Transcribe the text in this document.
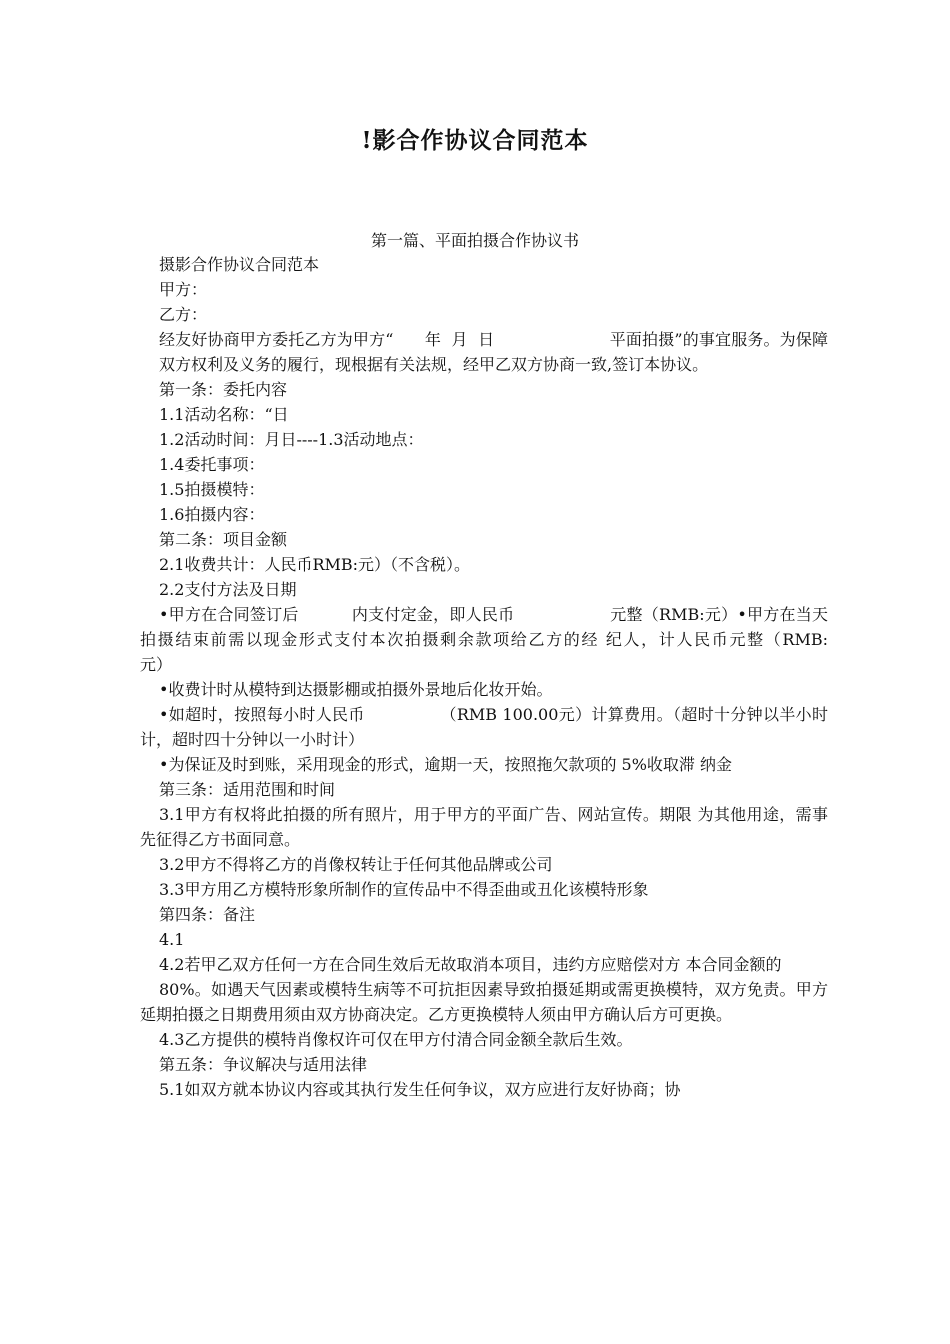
!影合作协议合同范本
第一篇、平面拍摄合作协议书

摄影合作协议合同范本

甲方：

乙方：

经友好协商甲方委托乙方为甲方“      年  月  日                      平面拍摄”的事宜服务。为保障双方权利及义务的履行，现根据有关法规，经甲乙双方协商一致,签订本协议。

第一条：委托内容

1.1活动名称：“日

1.2活动时间：月日----1.3活动地点：

1.4委托事项：

1.5拍摄模特：

1.6拍摄内容：

第二条：项目金额

2.1收费共计：人民币RMB:元）（不含税）。

2.2支付方法及日期

•甲方在合同签订后          内支付定金，即人民币                  元整（RMB:元）•甲方在当天拍摄结束前需以现金形式支付本次拍摄剩余款项给乙方的经 纪人，计人民币元整（RMB:                  元）

•收费计时从模特到达摄影棚或拍摄外景地后化妆开始。

•如超时，按照每小时人民币              （RMB 100.00元）计算费用。（超时十分钟以半小时计，超时四十分钟以一小时计）

•为保证及时到账，采用现金的形式，逾期一天，按照拖欠款项的 5%收取滞 纳金

第三条：适用范围和时间

3.1甲方有权将此拍摄的所有照片，用于甲方的平面广告、网站宣传。期限 为其他用途，需事先征得乙方书面同意。

3.2甲方不得将乙方的肖像权转让于任何其他品牌或公司

3.3甲方用乙方模特形象所制作的宣传品中不得歪曲或丑化该模特形象

第四条：备注

4.1

4.2若甲乙双方任何一方在合同生效后无故取消本项目，违约方应赔偿对方 本合同金额的

80%。如遇天气因素或模特生病等不可抗拒因素导致拍摄延期或需更换模特，双方免责。甲方延期拍摄之日期费用须由双方协商决定。乙方更换模特人须由甲方确认后方可更换。

4.3乙方提供的模特肖像权许可仅在甲方付清合同金额全款后生效。

第五条：争议解决与适用法律

5.1如双方就本协议内容或其执行发生任何争议，双方应进行友好协商；协
